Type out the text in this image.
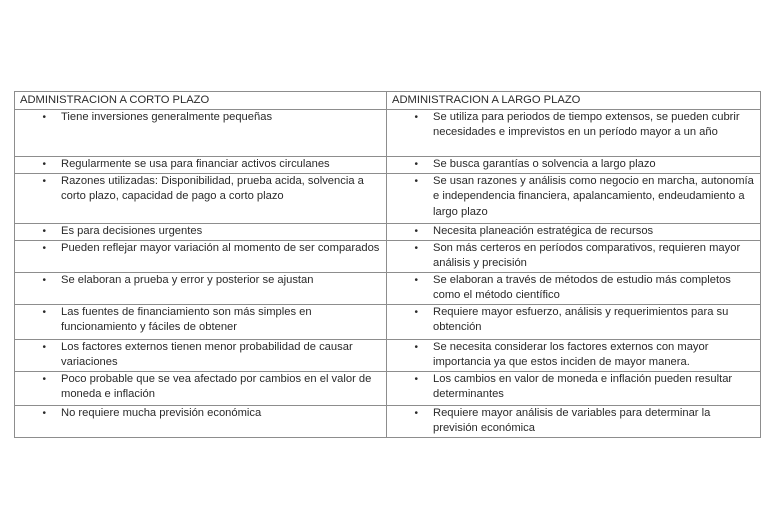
ADMINISTRACION A CORTO PLAZO	ADMINISTRACION A LARGO PLAZO

• Tiene inversiones generalmente pequeñas	• Se utiliza para periodos de tiempo extensos, se pueden cubrir necesidades e imprevistos en un período mayor a un año

• Regularmente se usa para financiar activos circulanes	• Se busca garantías o solvencia a largo plazo

• Razones utilizadas: Disponibilidad, prueba acida, solvencia a corto plazo, capacidad de pago a corto plazo	• Se usan razones y análisis como negocio en marcha, autonomía e independencia financiera, apalancamiento, endeudamiento a largo plazo

• Es para decisiones urgentes	• Necesita planeación estratégica de recursos

• Pueden reflejar mayor variación al momento de ser comparados	• Son más certeros en períodos comparativos, requieren mayor análisis y precisión

• Se elaboran a prueba y error y posterior se ajustan	• Se elaboran a través de métodos de estudio más completos como el método científico

• Las fuentes de financiamiento son más simples en funcionamiento y fáciles de obtener	• Requiere mayor esfuerzo, análisis y requerimientos para su obtención

• Los factores externos tienen menor probabilidad de causar variaciones	• Se necesita considerar los factores externos con mayor importancia ya que estos inciden de mayor manera.

• Poco probable que se vea afectado por cambios en el valor de moneda e inflación	• Los cambios en valor de moneda e inflación pueden resultar determinantes

• No requiere mucha previsión económica	• Requiere mayor análisis de variables para determinar la previsión económica
